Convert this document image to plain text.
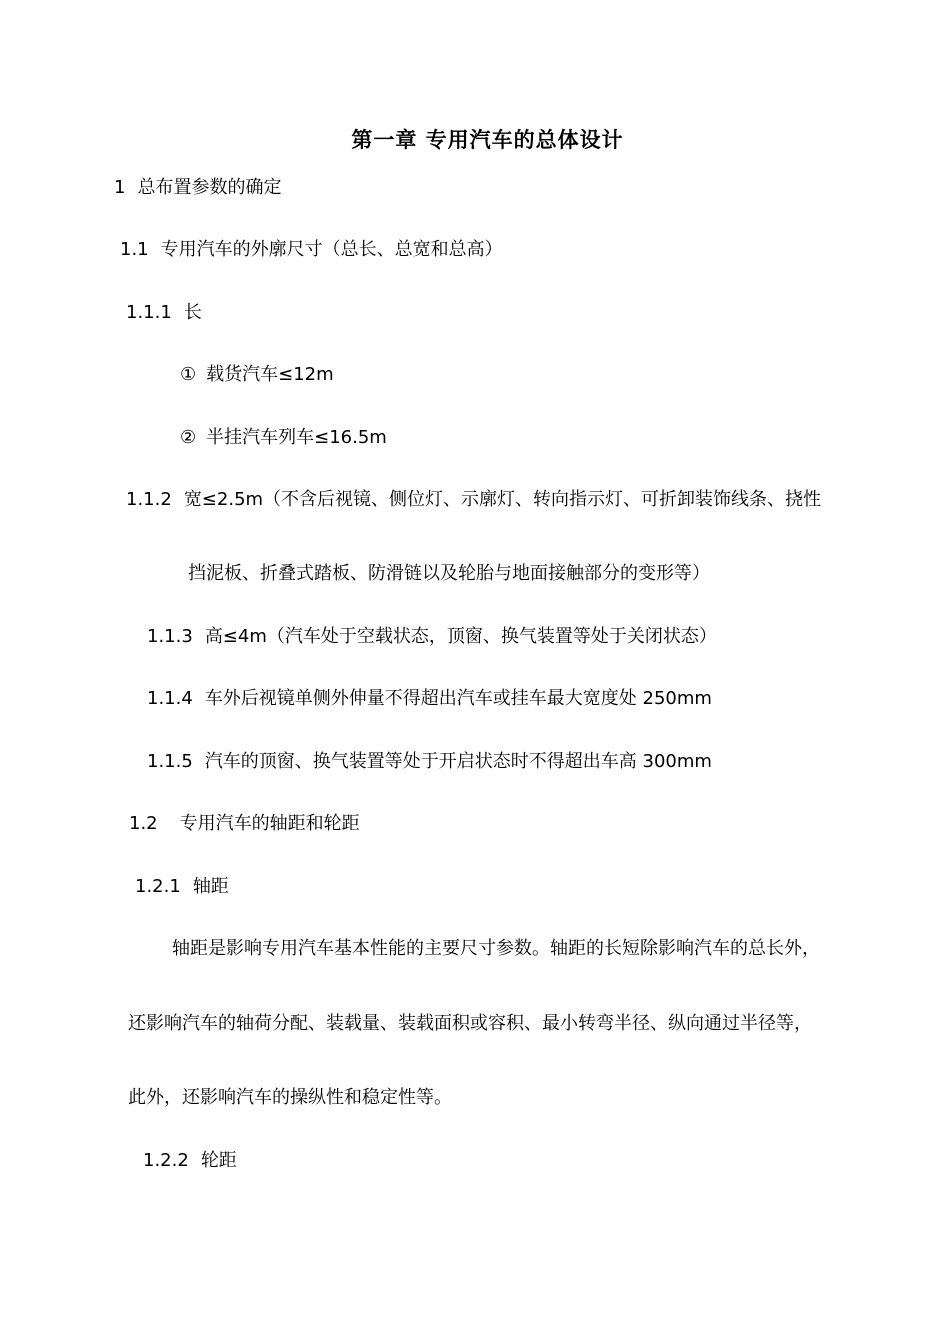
第一章 专用汽车的总体设计
1 总布置参数的确定
1.1 专用汽车的外廓尺寸（总长、总宽和总高）
1.1.1 长
① 载货汽车≤12m
② 半挂汽车列车≤16.5m
1.1.2 宽≤2.5m（不含后视镜、侧位灯、示廓灯、转向指示灯、可折卸装饰线条、挠性
挡泥板、折叠式踏板、防滑链以及轮胎与地面接触部分的变形等）
1.1.3 高≤4m（汽车处于空载状态，顶窗、换气装置等处于关闭状态）
1.1.4 车外后视镜单侧外伸量不得超出汽车或挂车最大宽度处 250mm
1.1.5 汽车的顶窗、换气装置等处于开启状态时不得超出车高 300mm
1.2 专用汽车的轴距和轮距
1.2.1 轴距
轴距是影响专用汽车基本性能的主要尺寸参数。轴距的长短除影响汽车的总长外，
还影响汽车的轴荷分配、装载量、装载面积或容积、最小转弯半径、纵向通过半径等，
此外，还影响汽车的操纵性和稳定性等。
1.2.2 轮距
